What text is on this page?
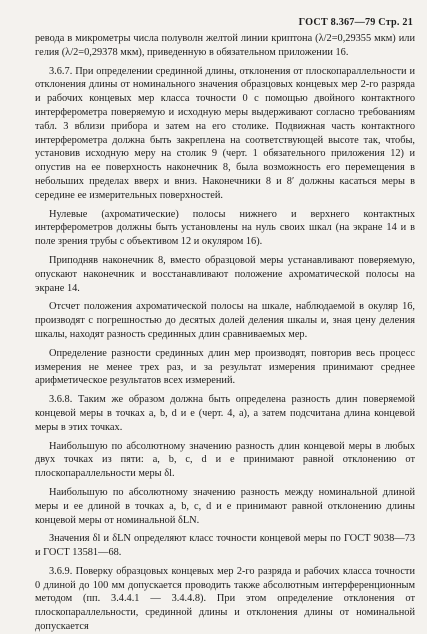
ГОСТ 8.367—79 Стр. 21

ревода в микрометры числа полуволн желтой линии криптона (λ/2=0,29355 мкм) или гелия (λ/2=0,29378 мкм), приведенную в обязательном приложении 16.

3.6.7. При определении срединной длины, отклонения от плоскопараллельности и отклонения длины от номинального значения образцовых концевых мер 2-го разряда и рабочих концевых мер класса точности 0 с помощью двойного контактного интерферометра поверяемую и исходную меры выдерживают согласно требованиям табл. 3 вблизи прибора и затем на его столике. Подвижная часть контактного интерферометра должна быть закреплена на соответствующей высоте так, чтобы, установив исходную меру на столик 9 (черт. 1 обязательного приложения 12) и опустив на ее поверхность наконечник 8, была возможность его перемещения в небольших пределах вверх и вниз. Наконечники 8 и 8′ должны касаться меры в середине ее измерительных поверхностей.

Нулевые (ахроматические) полосы нижнего и верхнего контактных интерферометров должны быть установлены на нуль своих шкал (на экране 14 и в поле зрения трубы с объективом 12 и окуляром 16).

Приподняв наконечник 8, вместо образцовой меры устанавливают поверяемую, опускают наконечник и восстанавливают положение ахроматической полосы на экране 14.

Отсчет положения ахроматической полосы на шкале, наблюдаемой в окуляр 16, производят с погрешностью до десятых долей деления шкалы и, зная цену деления шкалы, находят разность срединных длин сравниваемых мер.

Определение разности срединных длин мер производят, повторив весь процесс измерения не менее трех раз, и за результат измерения принимают среднее арифметическое результатов всех измерений.

3.6.8. Таким же образом должна быть определена разность длин поверяемой концевой меры в точках a, b, d и e (черт. 4, a), а затем подсчитана длина концевой меры в этих точках.

Наибольшую по абсолютному значению разность длин концевой меры в любых двух точках из пяти: a, b, c, d и e принимают равной отклонению от плоскопараллельности меры δl.

Наибольшую по абсолютному значению разность между номинальной длиной меры и ее длиной в точках a, b, c, d и e принимают равной отклонению длины концевой меры от номинальной δLN.

Значения δl и δLN определяют класс точности концевой меры по ГОСТ 9038—73 и ГОСТ 13581—68.

3.6.9. Поверку образцовых концевых мер 2-го разряда и рабочих класса точности 0 длиной до 100 мм допускается проводить также абсолютным интерференционным методом (пп. 3.4.4.1 — 3.4.4.8). При этом определение отклонения от плоскопараллельности, срединной длины и отклонения длины от номинальной допускается
